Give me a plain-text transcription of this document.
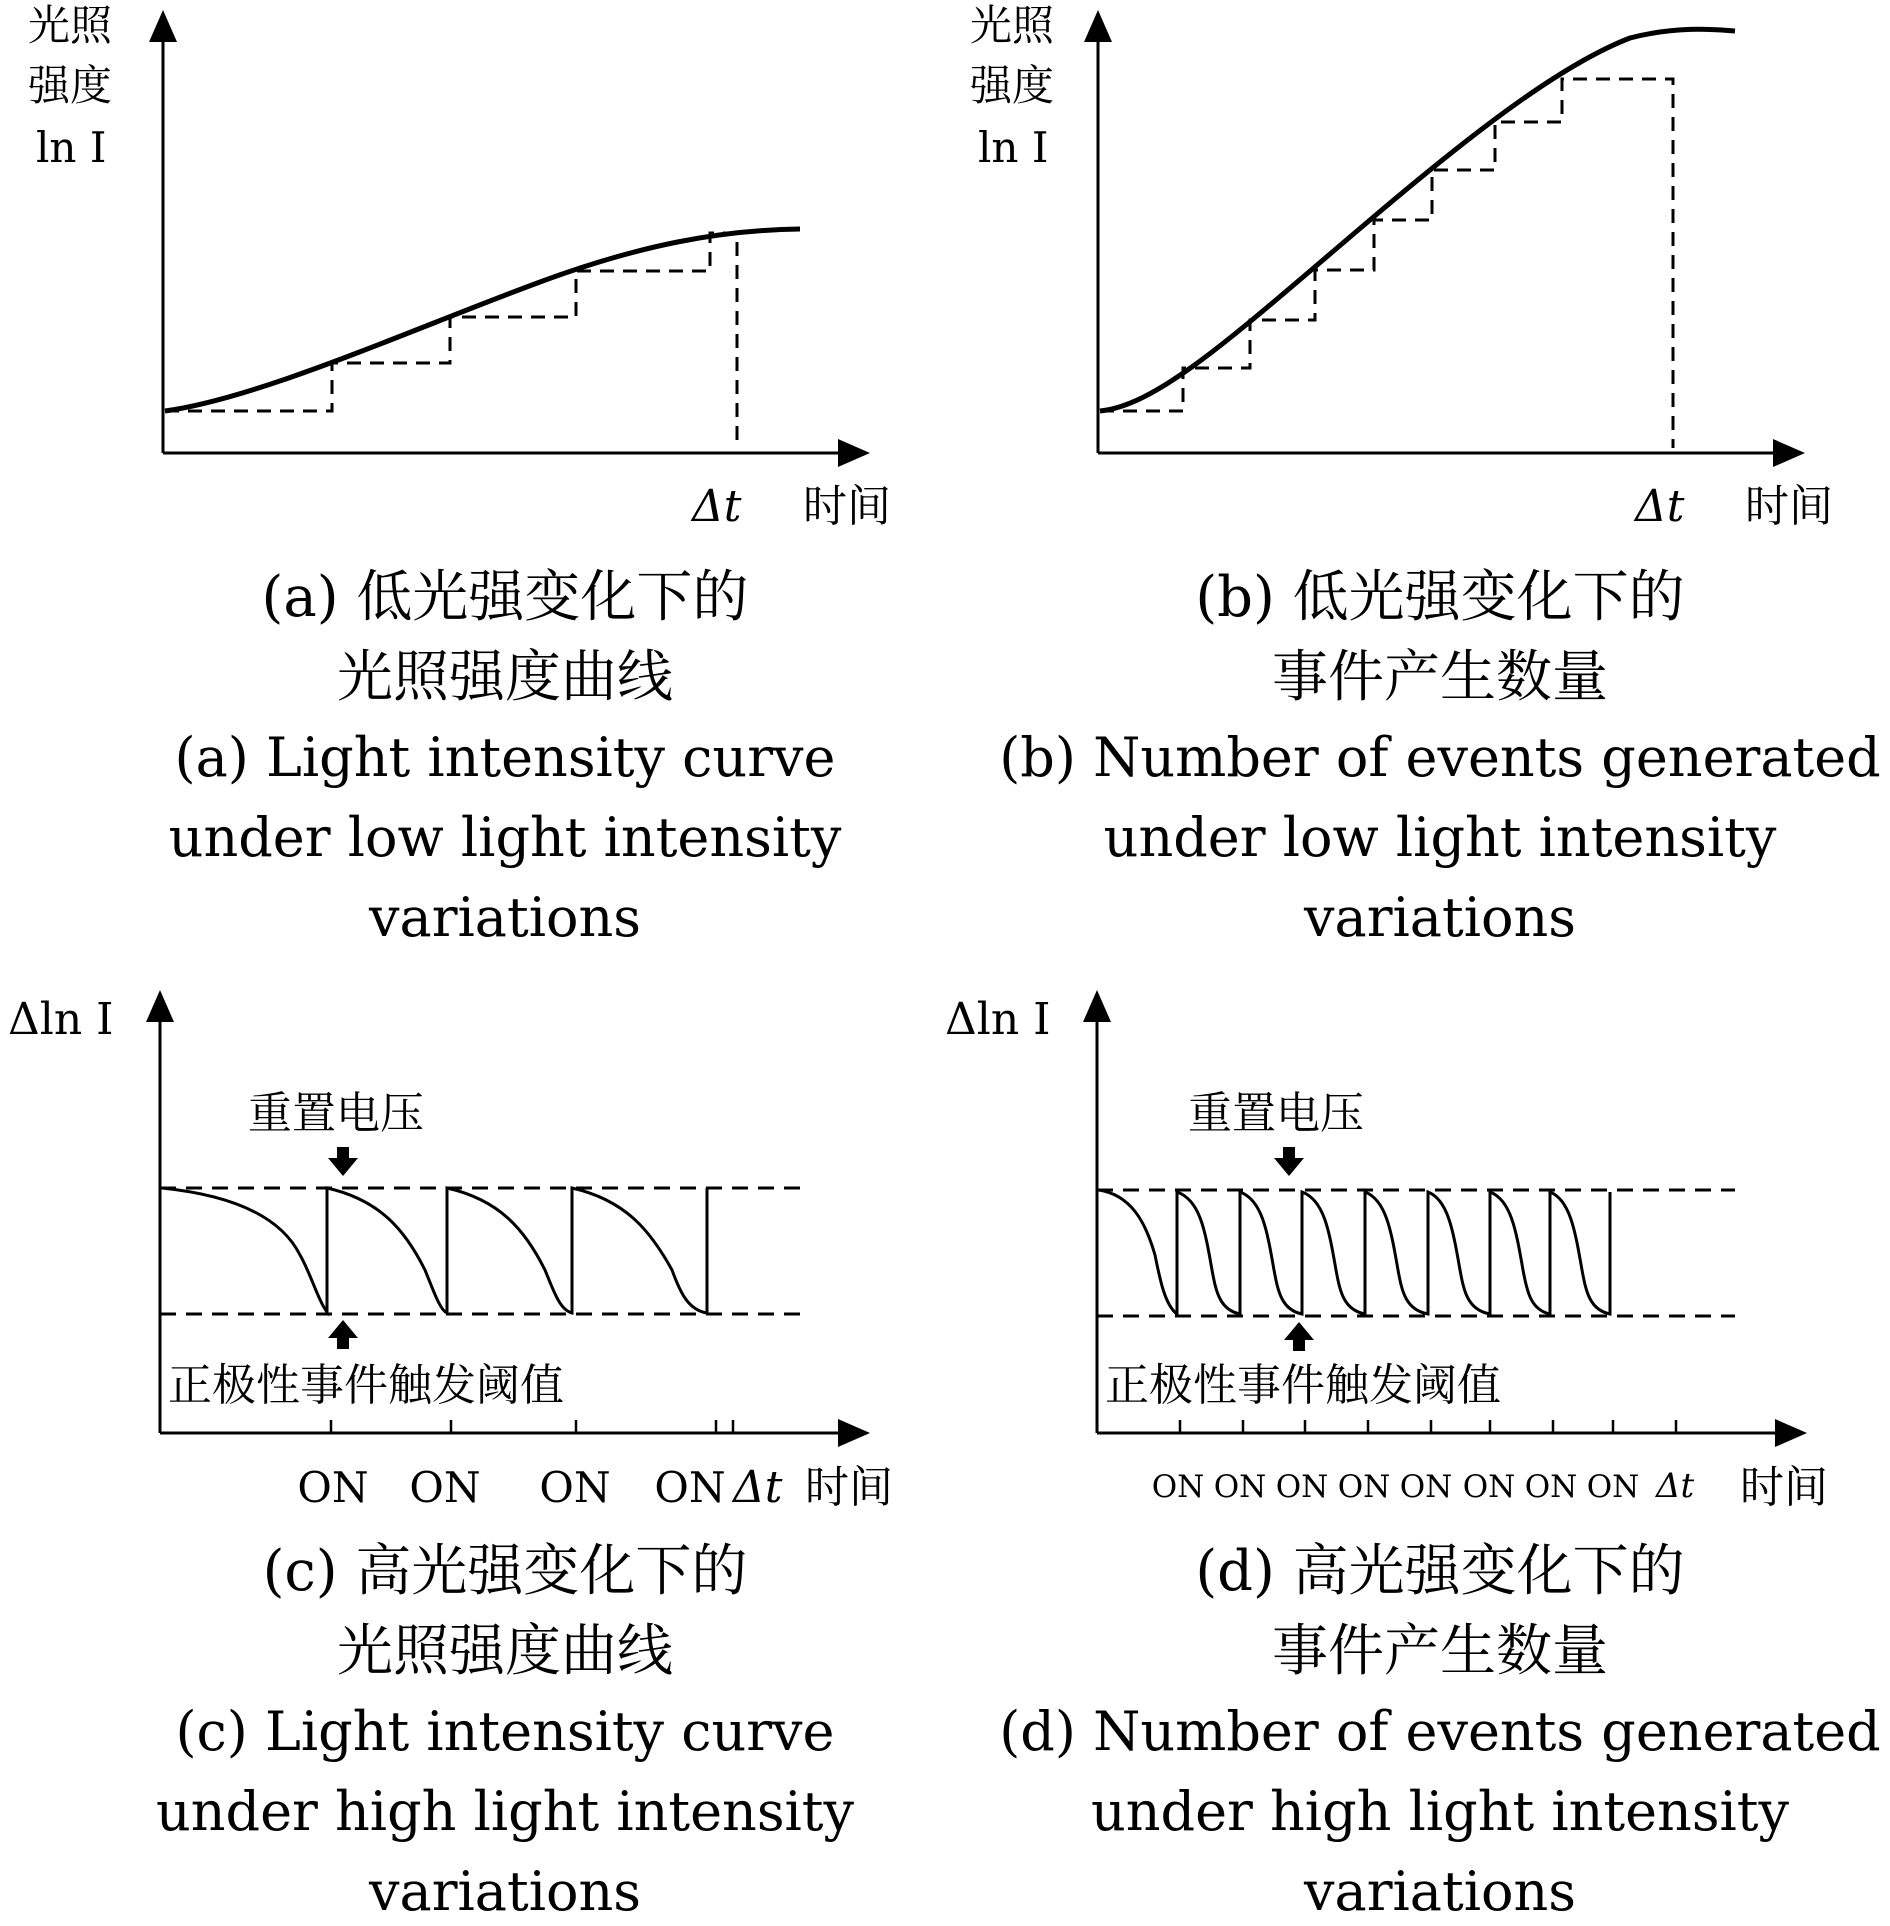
光照
强度
ln I
Δt 时间
(a) 低光强变化下的
光照强度曲线
(a) Light intensity curve
under low light intensity
variations
光照
强度
ln I
Δt 时间
(b) 低光强变化下的
事件产生数量
(b) Number of events generated
under low light intensity
variations
Δln I
重置电压
正极性事件触发阈值
ON ON ON ON Δt 时间
(c) 高光强变化下的
光照强度曲线
(c) Light intensity curve
under high light intensity
variations
Δln I
重置电压
正极性事件触发阈值
ON ON ON ON ON ON ON ON Δt 时间
(d) 高光强变化下的
事件产生数量
(d) Number of events generated
under high light intensity
variations
